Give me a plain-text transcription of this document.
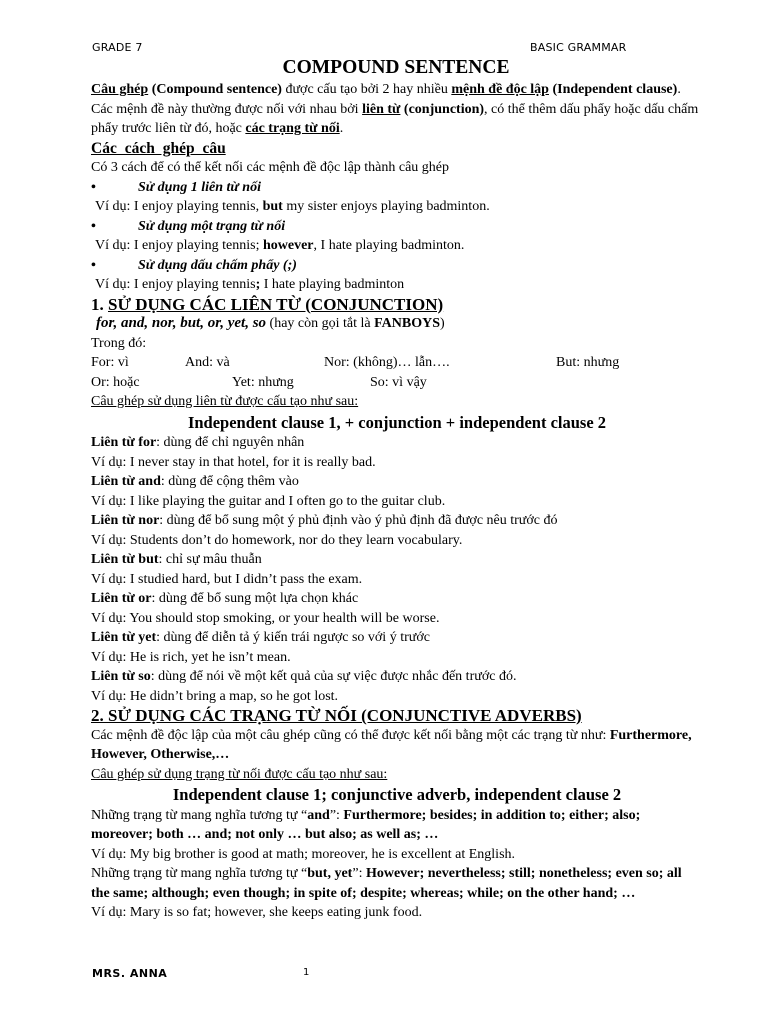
GRADE 7	BASIC GRAMMAR
COMPOUND SENTENCE

Câu ghép (Compound sentence) được cấu tạo bởi 2 hay nhiều mệnh đề độc lập (Independent clause). Các mệnh đề này thường được nối với nhau bởi liên từ (conjunction), có thể thêm dấu phẩy hoặc dấu chấm phẩy trước liên từ đó, hoặc các trạng từ nối.

Các cách ghép câu

Có 3 cách để có thể kết nối các mệnh đề độc lập thành câu ghép

• Sử dụng 1 liên từ nối

Ví dụ: I enjoy playing tennis, but my sister enjoys playing badminton.

• Sử dụng một trạng từ nối

Ví dụ: I enjoy playing tennis; however, I hate playing badminton.

• Sử dụng dấu chấm phẩy (;)

Ví dụ: I enjoy playing tennis; I hate playing badminton

1. SỬ DỤNG CÁC LIÊN TỪ (CONJUNCTION)

for, and, nor, but, or, yet, so (hay còn gọi tắt là FANBOYS)

Trong đó:

For: vì	And: và	Nor: (không)… lẫn….	But: nhưng
Or: hoặc	Yet: nhưng	So: vì vậy

Câu ghép sử dụng liên từ được cấu tạo như sau:

Independent clause 1, + conjunction + independent clause 2

Liên từ for: dùng để chỉ nguyên nhân

Ví dụ: I never stay in that hotel, for it is really bad.

Liên từ and: dùng để cộng thêm vào

Ví dụ: I like playing the guitar and I often go to the guitar club.

Liên từ nor: dùng để bổ sung một ý phủ định vào ý phủ định đã được nêu trước đó

Ví dụ: Students don’t do homework, nor do they learn vocabulary.

Liên từ but: chỉ sự mâu thuẫn

Ví dụ: I studied hard, but I didn’t pass the exam.

Liên từ or: dùng để bổ sung một lựa chọn khác

Ví dụ: You should stop smoking, or your health will be worse.

Liên từ yet: dùng để diễn tả ý kiến trái ngược so với ý trước

Ví dụ: He is rich, yet he isn’t mean.

Liên từ so: dùng để nói về một kết quả của sự việc được nhắc đến trước đó.

Ví dụ: He didn’t bring a map, so he got lost.

2. SỬ DỤNG CÁC TRẠNG TỪ NỐI (CONJUNCTIVE ADVERBS)

Các mệnh đề độc lập của một câu ghép cũng có thể được kết nối bằng một các trạng từ như: Furthermore, However, Otherwise,…

Câu ghép sử dụng trạng từ nối được cấu tạo như sau:

Independent clause 1; conjunctive adverb, independent clause 2

Những trạng từ mang nghĩa tương tự “and”: Furthermore; besides; in addition to; either; also; moreover; both … and; not only … but also; as well as; …

Ví dụ: My big brother is good at math; moreover, he is excellent at English.

Những trạng từ mang nghĩa tương tự “but, yet”: However; nevertheless; still; nonetheless; even so; all the same; although; even though; in spite of; despite; whereas; while; on the other hand; …

Ví dụ: Mary is so fat; however, she keeps eating junk food.

MRS. ANNA	1
